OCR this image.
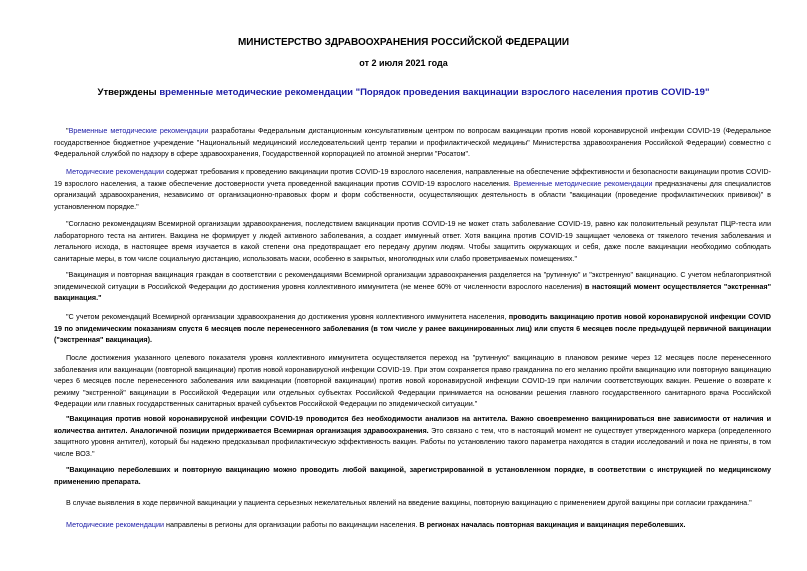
МИНИСТЕРСТВО ЗДРАВООХРАНЕНИЯ РОССИЙСКОЙ ФЕДЕРАЦИИ
от 2 июля 2021 года
Утверждены временные методические рекомендации "Порядок проведения вакцинации взрослого населения против COVID-19"
"Временные методические рекомендации разработаны Федеральным дистанционным консультативным центром по вопросам вакцинации против новой коронавирусной инфекции COVID-19 (Федеральное государственное бюджетное учреждение "Национальный медицинский исследовательский центр терапии и профилактической медицины" Министерства здравоохранения Российской Федерации) совместно с Федеральной службой по надзору в сфере здравоохранения, Государственной корпорацией по атомной энергии "Росатом".
Методические рекомендации содержат требования к проведению вакцинации против COVID-19 взрослого населения, направленные на обеспечение эффективности и безопасности вакцинации против COVID-19 взрослого населения, а также обеспечение достоверности учета проведенной вакцинации против COVID-19 взрослого населения. Временные методические рекомендации предназначены для специалистов организаций здравоохранения, независимо от организационно-правовых форм и форм собственности, осуществляющих деятельность в области "вакцинации (проведение профилактических прививок)" в установленном порядке."
"Согласно рекомендациям Всемирной организации здравоохранения, последствием вакцинации против COVID-19 не может стать заболевание COVID-19, равно как положительный результат ПЦР-теста или лабораторного теста на антиген. Вакцина не формирует у людей активного заболевания, а создает иммунный ответ. Хотя вакцина против COVID-19 защищает человека от тяжелого течения заболевания и летального исхода, в настоящее время изучается в какой степени она предотвращает его передачу другим людям. Чтобы защитить окружающих и себя, даже после вакцинации необходимо соблюдать санитарные меры, в том числе социальную дистанцию, использовать маски, особенно в закрытых, многолюдных или слабо проветриваемых помещениях."
"Вакцинация и повторная вакцинация граждан в соответствии с рекомендациями Всемирной организации здравоохранения разделяется на "рутинную" и "экстренную" вакцинацию. С учетом неблагоприятной эпидемической ситуации в Российской Федерации до достижения уровня коллективного иммунитета (не менее 60% от численности взрослого населения) в настоящий момент осуществляется "экстренная" вакцинация."
"С учетом рекомендаций Всемирной организации здравоохранения до достижения уровня коллективного иммунитета населения, проводить вакцинацию против новой коронавирусной инфекции COVID 19 по эпидемическим показаниям спустя 6 месяцев после перенесенного заболевания (в том числе у ранее вакцинированных лиц) или спустя 6 месяцев после предыдущей первичной вакцинации ("экстренная" вакцинация).
После достижения указанного целевого показателя уровня коллективного иммунитета осуществляется переход на "рутинную" вакцинацию в плановом режиме через 12 месяцев после перенесенного заболевания или вакцинации (повторной вакцинации) против новой коронавирусной инфекции COVID-19. При этом сохраняется право гражданина по его желанию пройти вакцинацию или повторную вакцинацию через 6 месяцев после перенесенного заболевания или вакцинации (повторной вакцинации) против новой коронавирусной инфекции COVID-19 при наличии соответствующих вакцин. Решение о возврате к режиму "экстренной" вакцинации в Российской Федерации или отдельных субъектах Российской Федерации принимается на основании решения главного государственного санитарного врача Российской Федерации или главных государственных санитарных врачей субъектов Российской Федерации по эпидемической ситуации."
"Вакцинация против новой коронавирусной инфекции COVID-19 проводится без необходимости анализов на антитела. Важно своевременно вакцинироваться вне зависимости от наличия и количества антител. Аналогичной позиции придерживается Всемирная организация здравоохранения. Это связано с тем, что в настоящий момент не существует утвержденного маркера (определенного защитного уровня антител), который бы надежно предсказывал профилактическую эффективность вакцин. Работы по установлению такого параметра находятся в стадии исследований и пока не приняты, в том числе ВОЗ."
"Вакцинацию переболевших и повторную вакцинацию можно проводить любой вакциной, зарегистрированной в установленном порядке, в соответствии с инструкцией по медицинскому применению препарата.
В случае выявления в ходе первичной вакцинации у пациента серьезных нежелательных явлений на введение вакцины, повторную вакцинацию с применением другой вакцины при согласии гражданина."
Методические рекомендации направлены в регионы для организации работы по вакцинации населения. В регионах началась повторная вакцинация и вакцинация переболевших.
